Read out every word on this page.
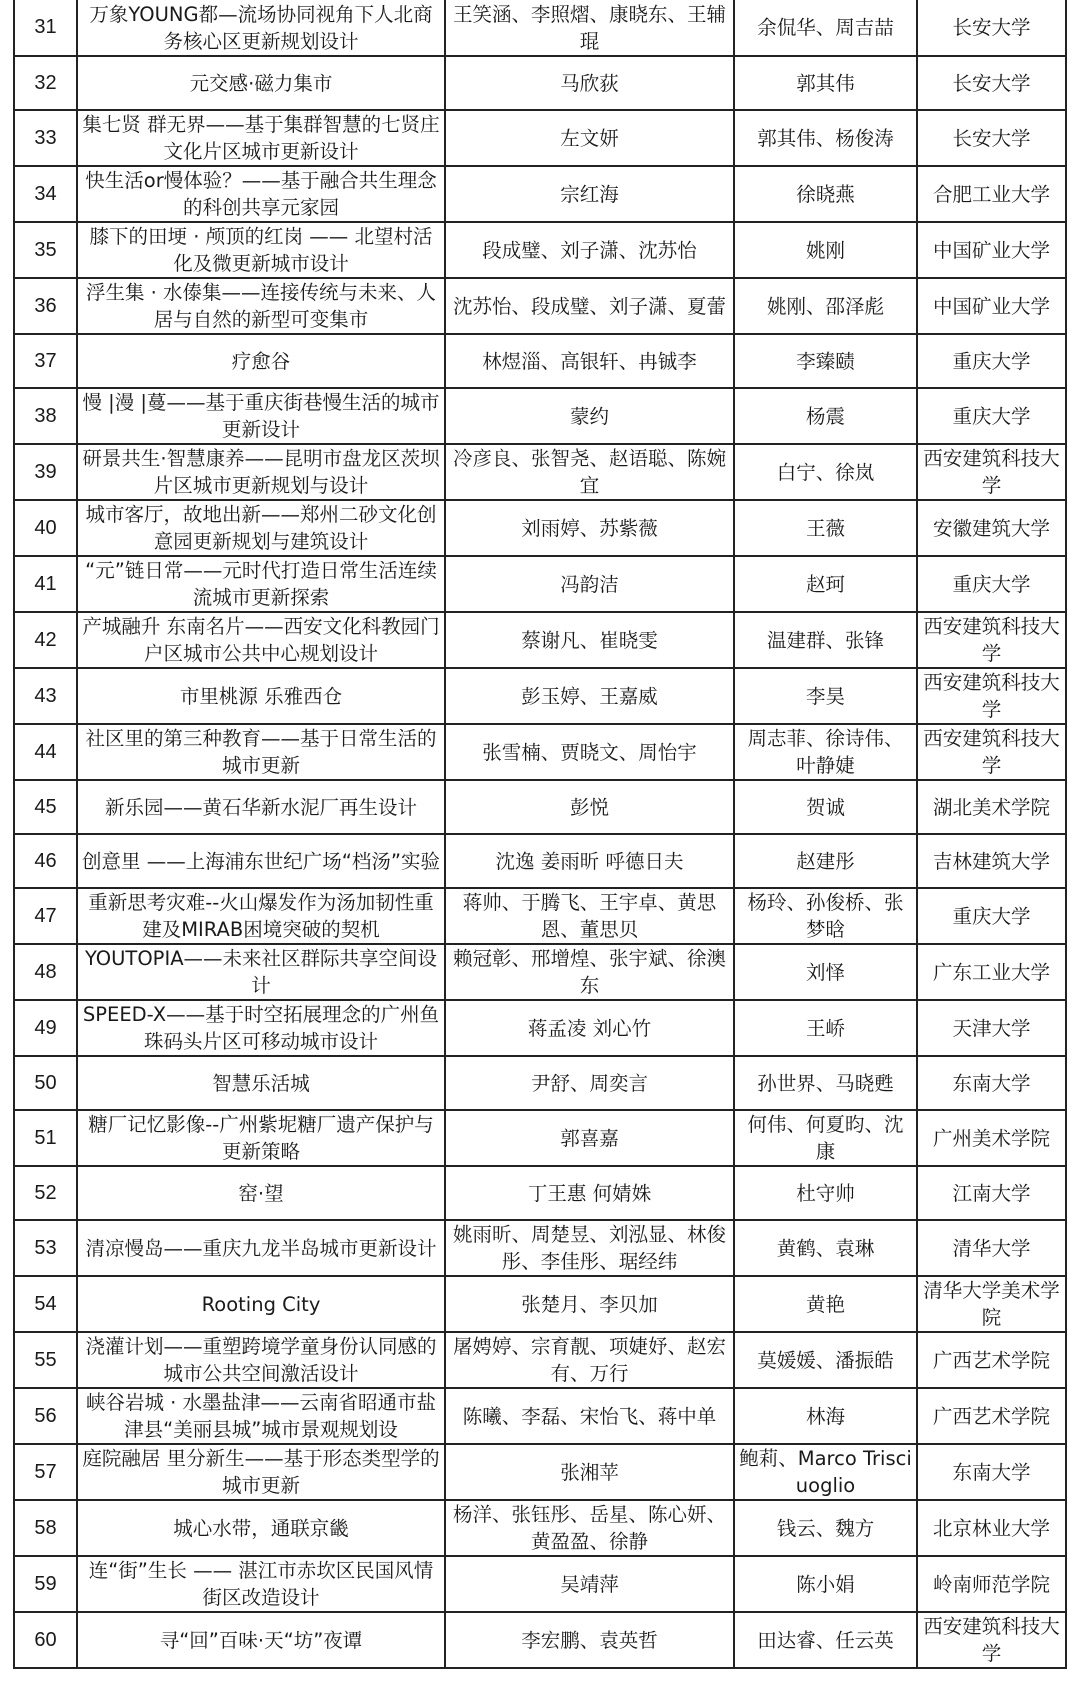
31	万象YOUNG都—流场协同视角下人北商务核心区更新规划设计	王笑涵、李照熠、康晓东、王辅琨	余侃华、周吉喆	长安大学
32	元交感·磁力集市	马欣荻	郭其伟	长安大学
33	集七贤 群无界——基于集群智慧的七贤庄文化片区城市更新设计	左文妍	郭其伟、杨俊涛	长安大学
34	快生活or慢体验？——基于融合共生理念的科创共享元家园	宗红海	徐晓燕	合肥工业大学
35	膝下的田埂 · 颅顶的红岗 —— 北望村活化及微更新城市设计	段成璧、刘子潇、沈苏怡	姚刚	中国矿业大学
36	浮生集 · 水傣集——连接传统与未来、人居与自然的新型可变集市	沈苏怡、段成璧、刘子潇、夏蕾	姚刚、邵泽彪	中国矿业大学
37	疗愈谷	林煜淄、高银轩、冉铖李	李臻赜	重庆大学
38	慢 |漫 |蔓——基于重庆街巷慢生活的城市更新设计	蒙约	杨震	重庆大学
39	研景共生·智慧康养——昆明市盘龙区茨坝片区城市更新规划与设计	冷彦良、张智尧、赵语聪、陈婉宜	白宁、徐岚	西安建筑科技大学
40	城市客厅，故地出新——郑州二砂文化创意园更新规划与建筑设计	刘雨婷、苏紫薇	王薇	安徽建筑大学
41	“元”链日常——元时代打造日常生活连续流城市更新探索	冯韵洁	赵珂	重庆大学
42	产城融升 东南名片——西安文化科教园门户区城市公共中心规划设计	蔡谢凡、崔晓雯	温建群、张锋	西安建筑科技大学
43	市里桃源 乐雅西仓	彭玉婷、王嘉威	李昊	西安建筑科技大学
44	社区里的第三种教育——基于日常生活的城市更新	张雪楠、贾晓文、周怡宇	周志菲、徐诗伟、叶静婕	西安建筑科技大学
45	新乐园——黄石华新水泥厂再生设计	彭悦	贺诚	湖北美术学院
46	创意里 ——上海浦东世纪广场“档汤”实验	沈逸 姜雨昕 呼德日夫	赵建彤	吉林建筑大学
47	重新思考灾难--火山爆发作为汤加韧性重建及MIRAB困境突破的契机	蒋帅、于腾飞、王宇卓、黄思恩、董思贝	杨玲、孙俊桥、张梦晗	重庆大学
48	YOUTOPIA——未来社区群际共享空间设计	赖冠彰、邢增煌、张宇斌、徐澳东	刘怿	广东工业大学
49	SPEED-X——基于时空拓展理念的广州鱼珠码头片区可移动城市设计	蒋孟凌 刘心竹	王峤	天津大学
50	智慧乐活城	尹舒、周奕言	孙世界、马晓甦	东南大学
51	糖厂记忆影像--广州紫坭糖厂遗产保护与更新策略	郭喜嘉	何伟、何夏昀、沈康	广州美术学院
52	窑·望	丁王惠 何婧姝	杜守帅	江南大学
53	清凉慢岛——重庆九龙半岛城市更新设计	姚雨昕、周楚昱、刘泓显、林俊彤、李佳彤、琚经纬	黄鹤、袁琳	清华大学
54	Rooting City	张楚月、李贝加	黄艳	清华大学美术学院
55	浇灌计划——重塑跨境学童身份认同感的城市公共空间激活设计	屠娉婷、宗育靓、项婕妤、赵宏有、万行	莫媛媛、潘振皓	广西艺术学院
56	峡谷岩城 · 水墨盐津——云南省昭通市盐津县“美丽县城”城市景观规划设	陈曦、李磊、宋怡飞、蒋中单	林海	广西艺术学院
57	庭院融居 里分新生——基于形态类型学的城市更新	张湘苹	鲍莉、Marco Trisciuoglio	东南大学
58	城心水带，通联京畿	杨洋、张钰彤、岳星、陈心妍、黄盈盈、徐静	钱云、魏方	北京林业大学
59	连“街”生长 —— 湛江市赤坎区民国风情街区改造设计	吴靖萍	陈小娟	岭南师范学院
60	寻“回”百味·天“坊”夜谭	李宏鹏、袁英哲	田达睿、任云英	西安建筑科技大学
